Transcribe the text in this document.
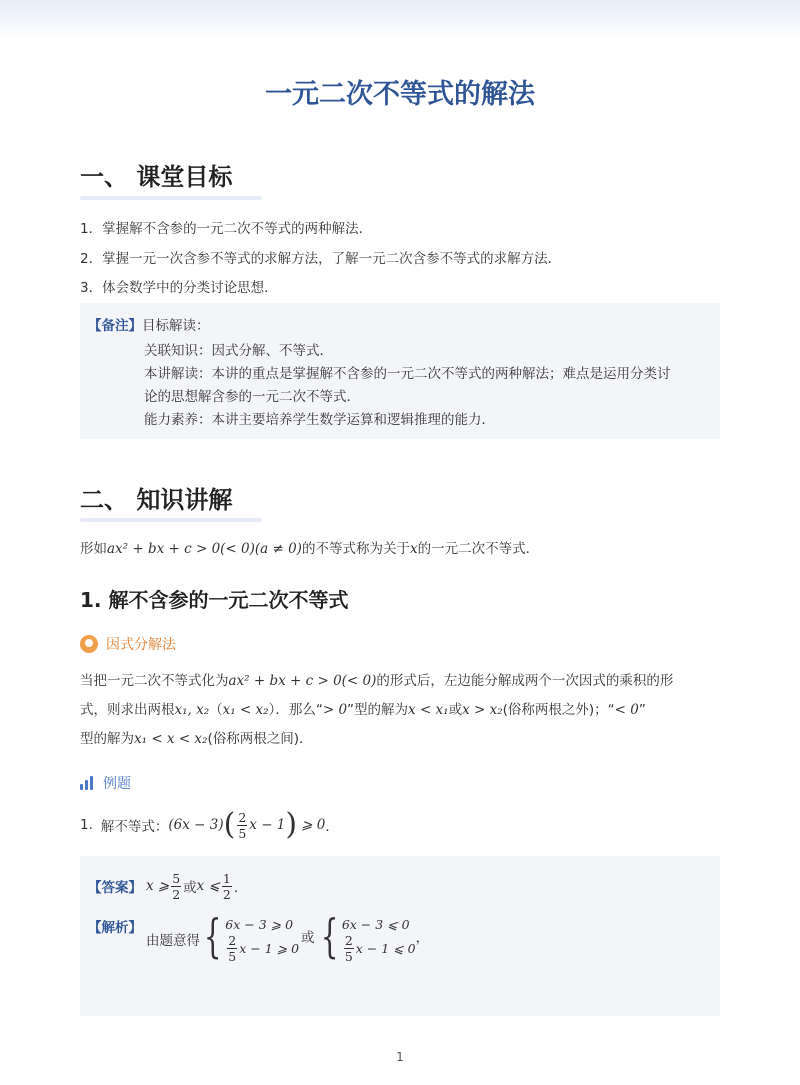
一元二次不等式的解法
一、 课堂目标

1．掌握解不含参的一元二次不等式的两种解法．

2．掌握一元一次含参不等式的求解方法，了解一元二次含参不等式的求解方法．

3．体会数学中的分类讨论思想．

【备注】目标解读：

关联知识：因式分解、不等式．

本讲解读：本讲的重点是掌握解不含参的一元二次不等式的两种解法；难点是运用分类讨

论的思想解含参的一元二次不等式．

能力素养：本讲主要培养学生数学运算和逻辑推理的能力．

二、 知识讲解

形如ax² + bx + c > 0(< 0)(a ≠ 0)的不等式称为关于x的一元二次不等式．

1. 解不含参的一元二次不等式
因式分解法

当把一元二次不等式化为ax² + bx + c > 0(< 0)的形式后，左边能分解成两个一次因式的乘积的形
式，则求出两根x₁, x₂（x₁ < x₂）．那么“> 0”型的解为x < x₁或x > x₂(俗称两根之外)；“< 0”
型的解为x₁ < x < x₂(俗称两根之间)．

例题
1. 解不等式： (6x − 3) ( $\frac{2}{5}$ x − 1 ) ⩾ 0 ．
【答案】 x ⩾ $\frac{5}{2}$ 或 x ⩽ $\frac{1}{2}$ ．
【解析】
由题意得 { 6x − 3 ⩾ 0
$\frac{2}{5}$ x − 1 ⩾ 0
或 { 6x − 3 ⩽ 0
$\frac{2}{5}$ x − 1 ⩽ 0
，

1
